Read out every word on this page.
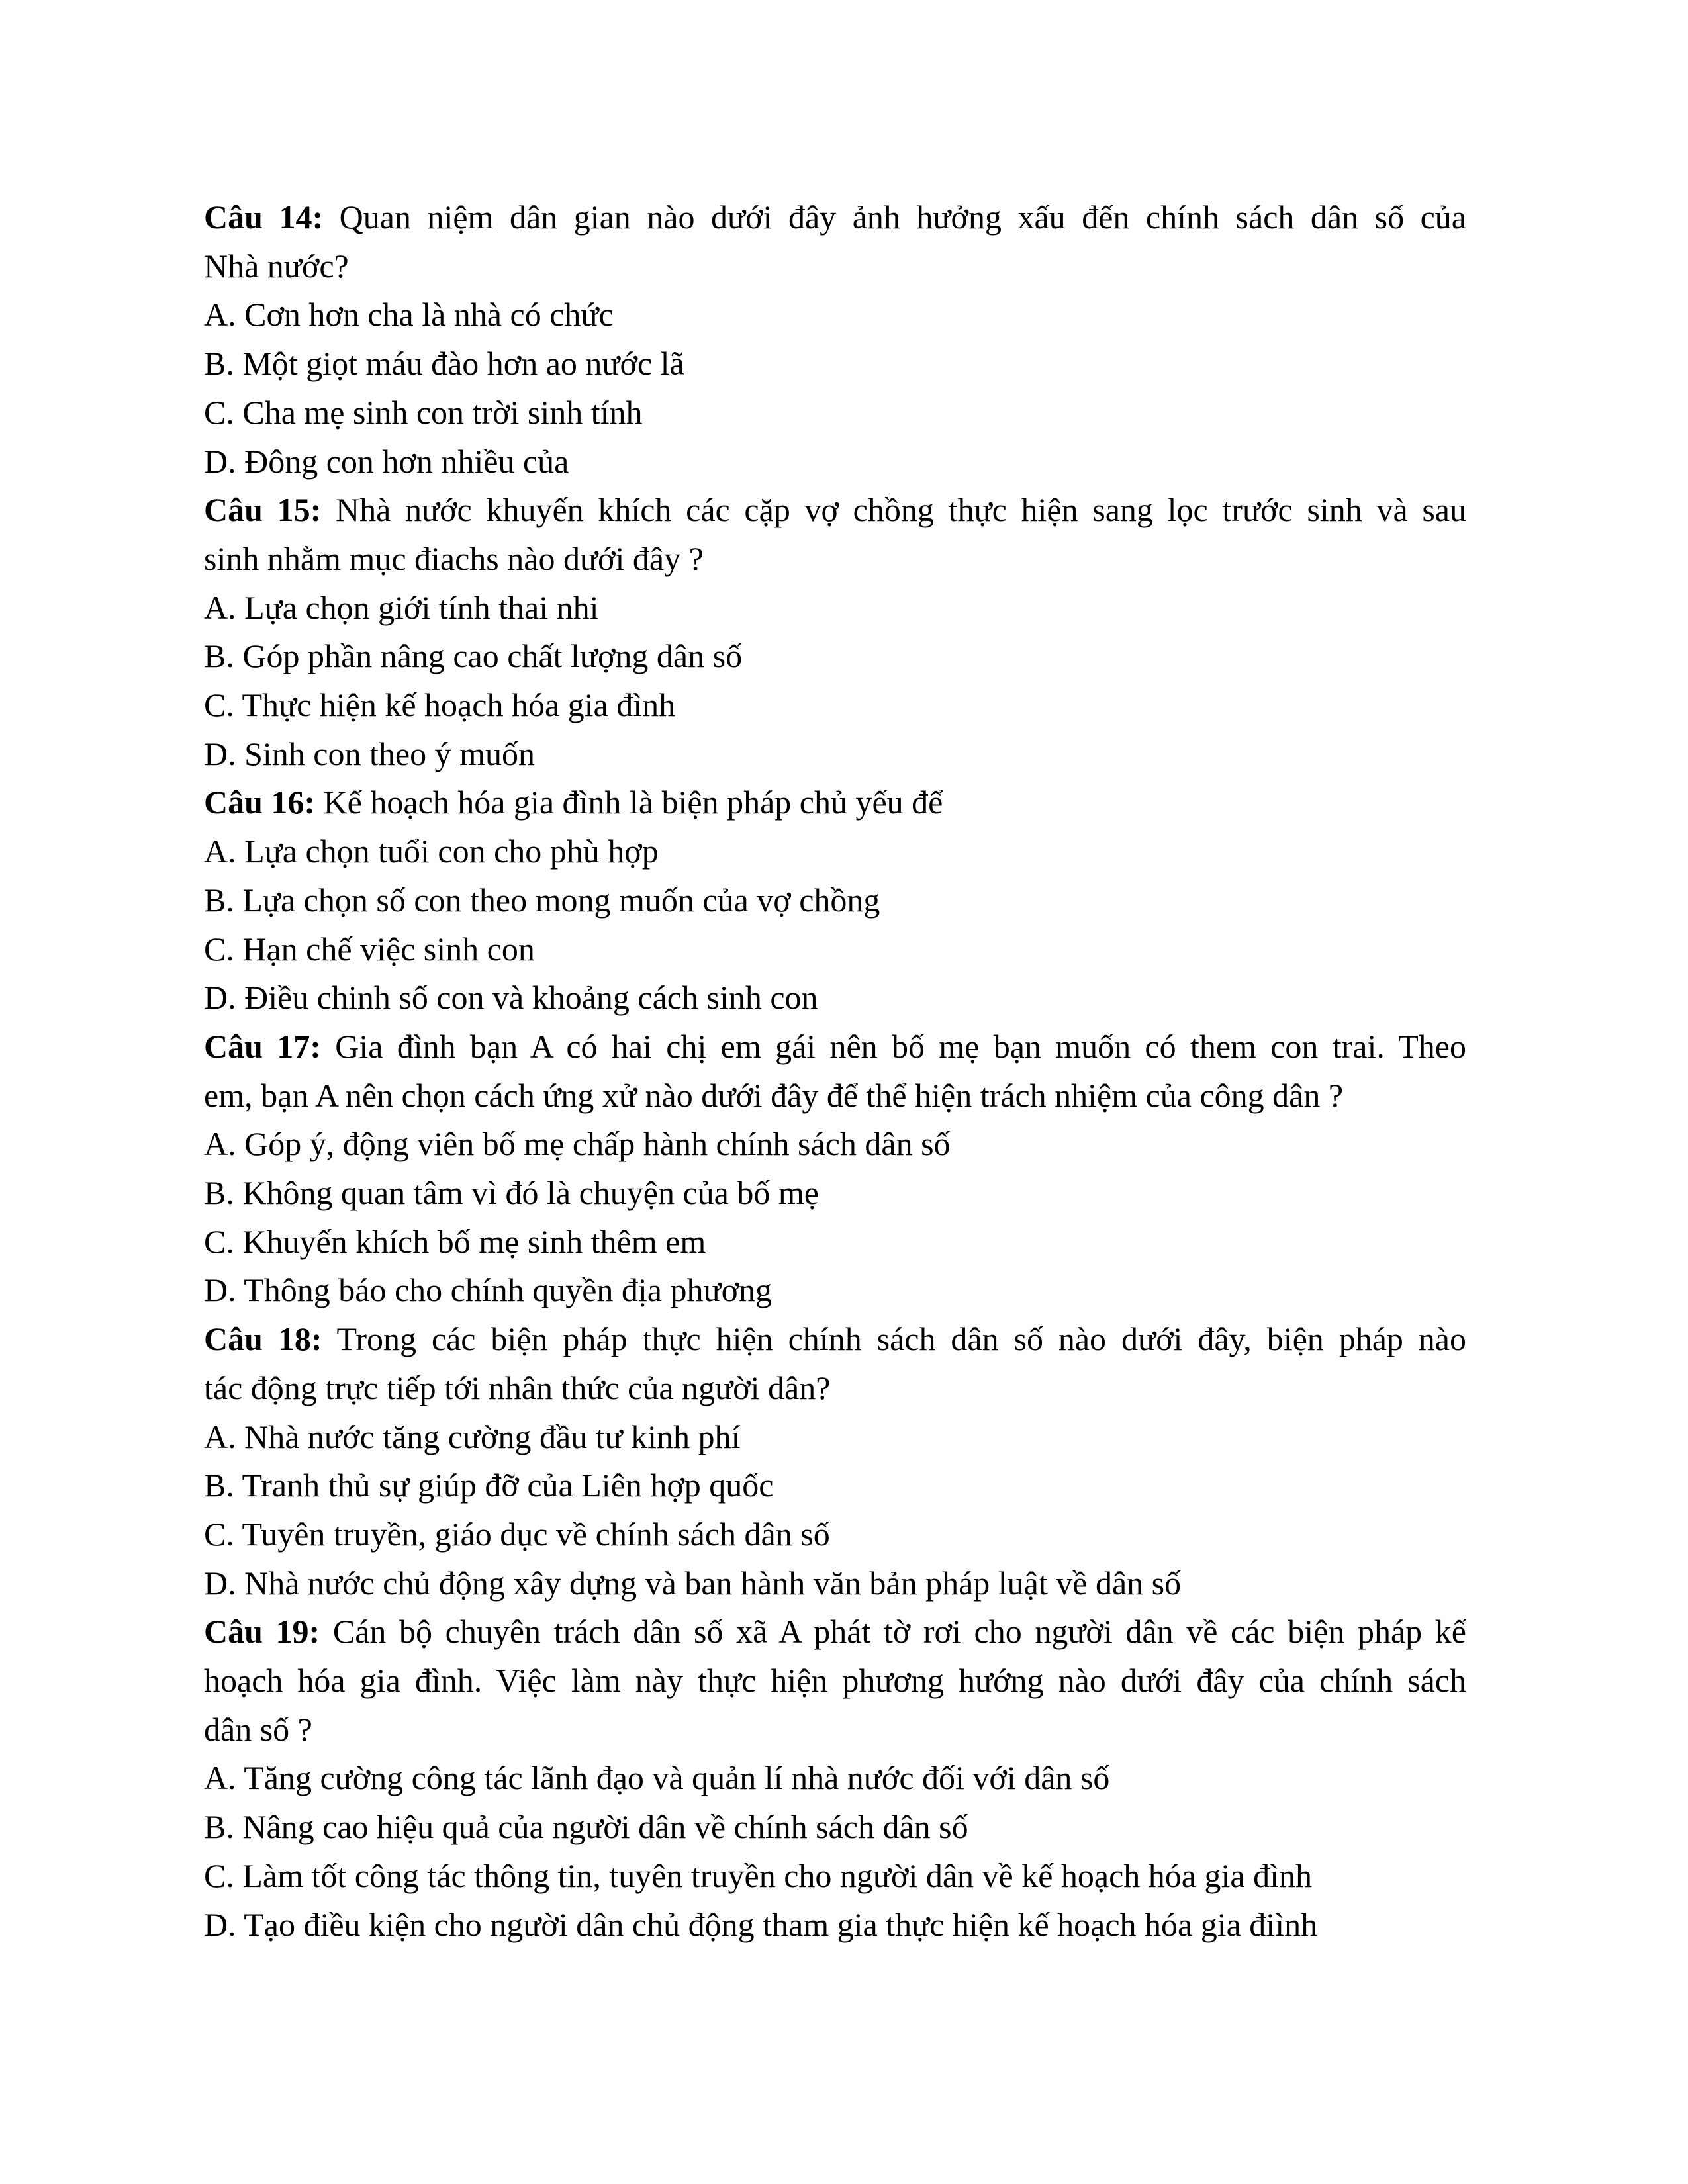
Câu 14: Quan niệm dân gian nào dưới đây ảnh hưởng xấu đến chính sách dân số của
Nhà nước?
A. Cơn hơn cha là nhà có chức
B. Một giọt máu đào hơn ao nước lã
C. Cha mẹ sinh con trời sinh tính
D. Đông con hơn nhiều của
Câu 15: Nhà nước khuyến khích các cặp vợ chồng thực hiện sang lọc trước sinh và sau
sinh nhằm mục điachs nào dưới đây ?
A. Lựa chọn giới tính thai nhi
B. Góp phần nâng cao chất lượng dân số
C. Thực hiện kế hoạch hóa gia đình
D. Sinh con theo ý muốn
Câu 16: Kế hoạch hóa gia đình là biện pháp chủ yếu để
A. Lựa chọn tuổi con cho phù hợp
B. Lựa chọn số con theo mong muốn của vợ chồng
C. Hạn chế việc sinh con
D. Điều chinh số con và khoảng cách sinh con
Câu 17: Gia đình bạn A có hai chị em gái nên bố mẹ bạn muốn có them con trai. Theo
em, bạn A nên chọn cách ứng xử nào dưới đây để thể hiện trách nhiệm của công dân ?
A. Góp ý, động viên bố mẹ chấp hành chính sách dân số
B. Không quan tâm vì đó là chuyện của bố mẹ
C. Khuyến khích bố mẹ sinh thêm em
D. Thông báo cho chính quyền địa phương
Câu 18: Trong các biện pháp thực hiện chính sách dân số nào dưới đây, biện pháp nào
tác động trực tiếp tới nhân thức của người dân?
A. Nhà nước tăng cường đầu tư kinh phí
B. Tranh thủ sự giúp đỡ của Liên hợp quốc
C. Tuyên truyền, giáo dục về chính sách dân số
D. Nhà nước chủ động xây dựng và ban hành văn bản pháp luật về dân số
Câu 19: Cán bộ chuyên trách dân số xã A phát tờ rơi cho người dân về các biện pháp kế
hoạch hóa gia đình. Việc làm này thực hiện phương hướng nào dưới đây của chính sách
dân số ?
A. Tăng cường công tác lãnh đạo và quản lí nhà nước đối với dân số
B. Nâng cao hiệu quả của người dân về chính sách dân số
C. Làm tốt công tác thông tin, tuyên truyền cho người dân về kế hoạch hóa gia đình
D. Tạo điều kiện cho người dân chủ động tham gia thực hiện kế hoạch hóa gia điình
